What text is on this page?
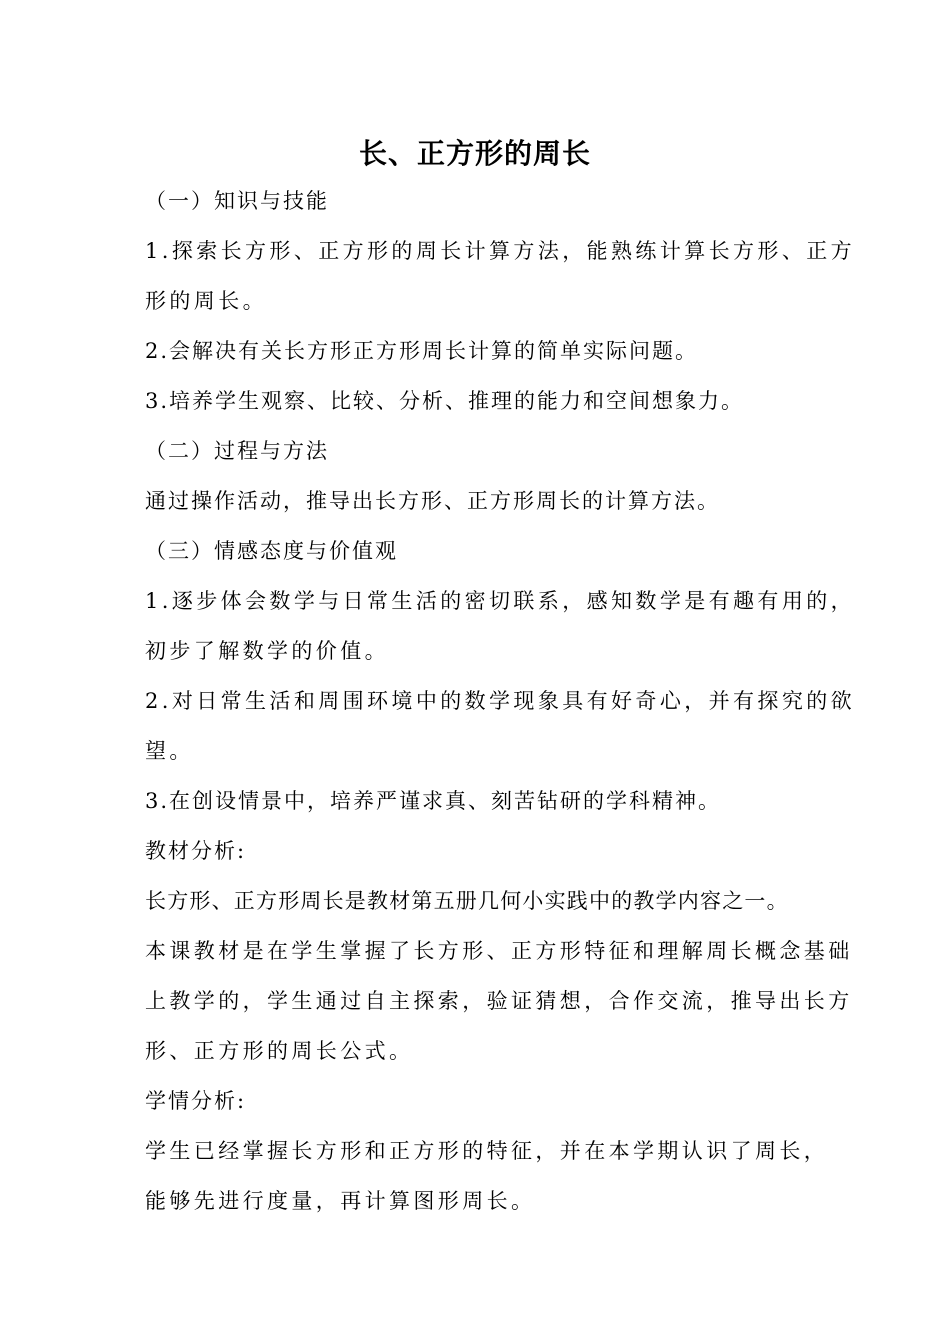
长、正方形的周长
（一）知识与技能
1.探索长方形、正方形的周长计算方法，能熟练计算长方形、正方
形的周长。
2.会解决有关长方形正方形周长计算的简单实际问题。
3.培养学生观察、比较、分析、推理的能力和空间想象力。
（二）过程与方法
通过操作活动，推导出长方形、正方形周长的计算方法。
（三）情感态度与价值观
1.逐步体会数学与日常生活的密切联系，感知数学是有趣有用的，
初步了解数学的价值。
2.对日常生活和周围环境中的数学现象具有好奇心，并有探究的欲
望。
3.在创设情景中，培养严谨求真、刻苦钻研的学科精神。
教材分析:
长方形、正方形周长是教材第五册几何小实践中的教学内容之一。
本课教材是在学生掌握了长方形、正方形特征和理解周长概念基础
上教学的，学生通过自主探索，验证猜想，合作交流，推导出长方
形、正方形的周长公式。
学情分析:
学生已经掌握长方形和正方形的特征，并在本学期认识了周长，
能够先进行度量，再计算图形周长。
